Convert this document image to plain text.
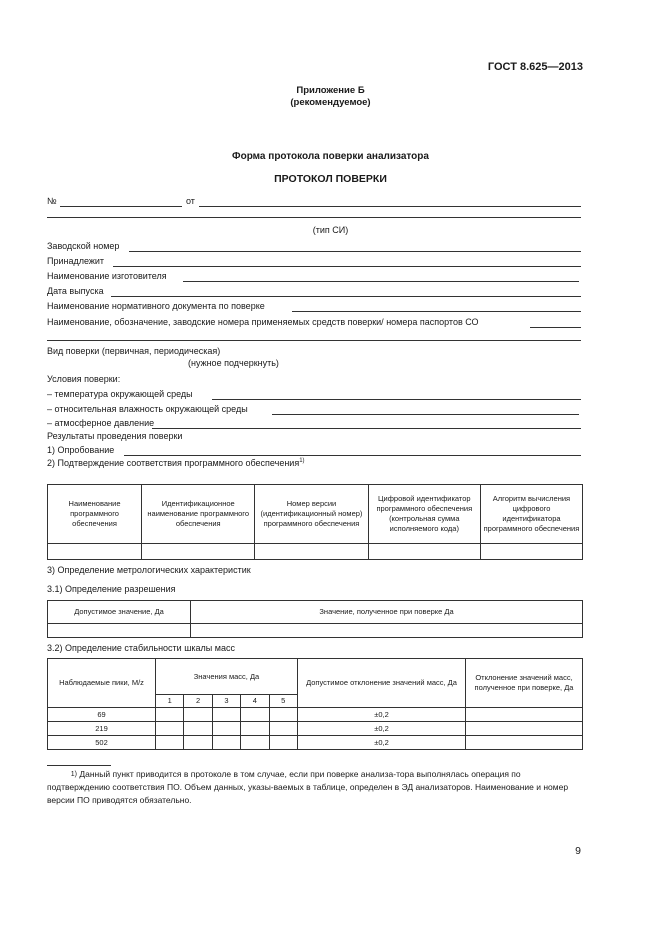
ГОСТ 8.625—2013
Приложение Б
(рекомендуемое)
Форма протокола поверки анализатора
ПРОТОКОЛ ПОВЕРКИ
№	от
(тип СИ)
Заводской номер
Принадлежит
Наименование изготовителя
Дата выпуска
Наименование нормативного документа по поверке
Наименование, обозначение, заводские номера применяемых средств поверки/ номера паспортов СО
Вид поверки (первичная, периодическая)
(нужное подчеркнуть)
Условия поверки:
– температура окружающей среды
– относительная влажность окружающей среды
– атмосферное давление
Результаты проведения поверки
1) Опробование
2) Подтверждение соответствия программного обеспечения$^{1)}$
Наименование программного обеспечения	Идентификационное наименование программного обеспечения	Номер версии (идентификационный номер) программного обеспечения	Цифровой идентификатор программного обеспечения (контрольная сумма исполняемого кода)	Алгоритм вычисления цифрового идентификатора программного обеспечения

3) Определение метрологических характеристик
3.1) Определение разрешения
Допустимое значение, Да	Значение, полученное при поверке Да

3.2) Определение стабильности шкалы масс
Наблюдаемые пики, M/z	Значения масс, Да					Допустимое отклонение значений масс, Да	Отклонение значений масс, полученное при поверке, Да
	1	2	3	4	5		
69						±0,2	
219						±0,2	
502						±0,2	
1) Данный пункт приводится в протоколе в том случае, если при поверке анализа-тора выполнялась операция по подтверждению соответствия ПО. Объем данных, указы-ваемых в таблице, определен в ЭД анализаторов. Наименование и номер версии ПО приводятся обязательно.
9
